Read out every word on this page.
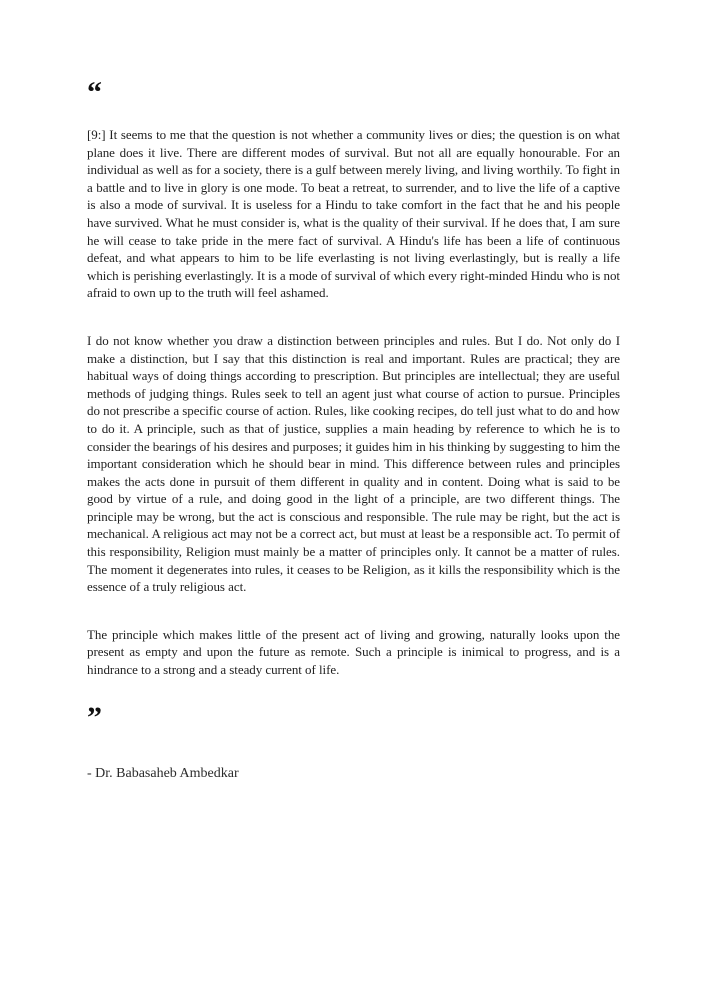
“

[9:] It seems to me that the question is not whether a community lives or dies; the question is on what plane does it live. There are different modes of survival. But not all are equally honourable. For an individual as well as for a society, there is a gulf between merely living, and living worthily. To fight in a battle and to live in glory is one mode. To beat a retreat, to surrender, and to live the life of a captive is also a mode of survival. It is useless for a Hindu to take comfort in the fact that he and his people have survived. What he must consider is, what is the quality of their survival. If he does that, I am sure he will cease to take pride in the mere fact of survival. A Hindu's life has been a life of continuous defeat, and what appears to him to be life everlasting is not living everlastingly, but is really a life which is perishing everlastingly. It is a mode of survival of which every right-minded Hindu who is not afraid to own up to the truth will feel ashamed.

I do not know whether you draw a distinction between principles and rules. But I do. Not only do I make a distinction, but I say that this distinction is real and important. Rules are practical; they are habitual ways of doing things according to prescription. But principles are intellectual; they are useful methods of judging things. Rules seek to tell an agent just what course of action to pursue. Principles do not prescribe a specific course of action. Rules, like cooking recipes, do tell just what to do and how to do it. A principle, such as that of justice, supplies a main heading by reference to which he is to consider the bearings of his desires and purposes; it guides him in his thinking by suggesting to him the important consideration which he should bear in mind. This difference between rules and principles makes the acts done in pursuit of them different in quality and in content. Doing what is said to be good by virtue of a rule, and doing good in the light of a principle, are two different things. The principle may be wrong, but the act is conscious and responsible. The rule may be right, but the act is mechanical. A religious act may not be a correct act, but must at least be a responsible act. To permit of this responsibility, Religion must mainly be a matter of principles only. It cannot be a matter of rules. The moment it degenerates into rules, it ceases to be Religion, as it kills the responsibility which is the essence of a truly religious act.

The principle which makes little of the present act of living and growing, naturally looks upon the present as empty and upon the future as remote. Such a principle is inimical to progress, and is a hindrance to a strong and a steady current of life.

”
- Dr. Babasaheb Ambedkar
